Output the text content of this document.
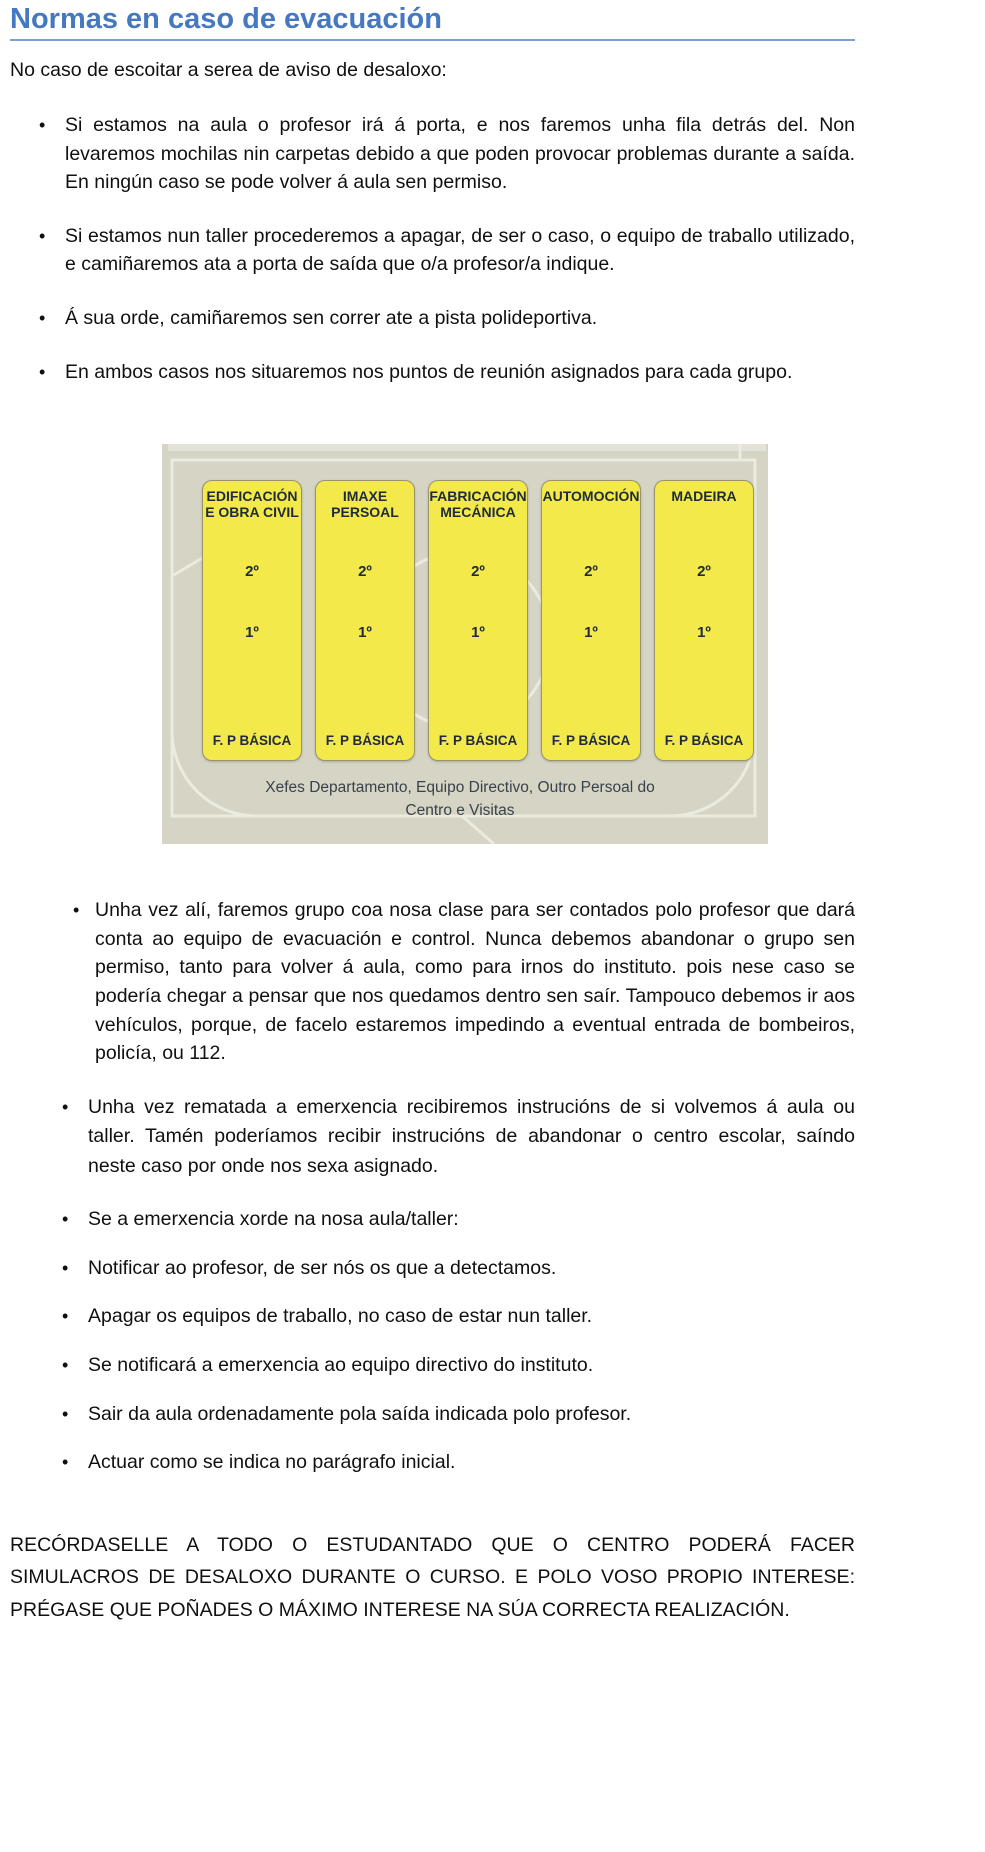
Normas en caso de evacuación

No caso de escoitar a serea de aviso de desaloxo:

• Si estamos na aula o profesor irá á porta, e nos faremos unha fila detrás del. Non levaremos mochilas nin carpetas debido a que poden provocar problemas durante a saída. En ningún caso se pode volver á aula sen permiso.
• Si estamos nun taller procederemos a apagar, de ser o caso, o equipo de traballo utilizado, e camiñaremos ata a porta de saída que o/a profesor/a indique.
• Á sua orde, camiñaremos sen correr ate a pista polideportiva.
• En ambos casos nos situaremos nos puntos de reunión asignados para cada grupo.
EDIFICACIÓN E OBRA CIVIL
2º
1º
F. P BÁSICA
IMAXE PERSOAL
2º
1º
F. P BÁSICA
FABRICACIÓN MECÁNICA
2º
1º
F. P BÁSICA
AUTOMOCIÓN
2º
1º
F. P BÁSICA
MADEIRA
2º
1º
F. P BÁSICA
Xefes Departamento, Equipo Directivo, Outro Persoal do Centro e Visitas
• Unha vez alí, faremos grupo coa nosa clase para ser contados polo profesor que dará conta ao equipo de evacuación e control. Nunca debemos abandonar o grupo sen permiso, tanto para volver á aula, como para irnos do instituto. pois nese caso se podería chegar a pensar que nos quedamos dentro sen saír. Tampouco debemos ir aos vehículos, porque, de facelo estaremos impedindo a eventual entrada de bombeiros, policía, ou 112.
• Unha vez rematada a emerxencia recibiremos instrucións de si volvemos á aula ou taller. Tamén poderíamos recibir instrucións de abandonar o centro escolar, saíndo neste caso por onde nos sexa asignado.
• Se a emerxencia xorde na nosa aula/taller:
• Notificar ao profesor, de ser nós os que a detectamos.
• Apagar os equipos de traballo, no caso de estar nun taller.
• Se notificará a emerxencia ao equipo directivo do instituto.
• Sair da aula ordenadamente pola saída indicada polo profesor.
• Actuar como se indica no parágrafo inicial.

RECÓRDASELLE A TODO O ESTUDANTADO QUE O CENTRO PODERÁ FACER SIMULACROS DE DESALOXO DURANTE O CURSO. E POLO VOSO PROPIO INTERESE: PRÉGASE QUE POÑADES O MÁXIMO INTERESE NA SÚA CORRECTA REALIZACIÓN.
